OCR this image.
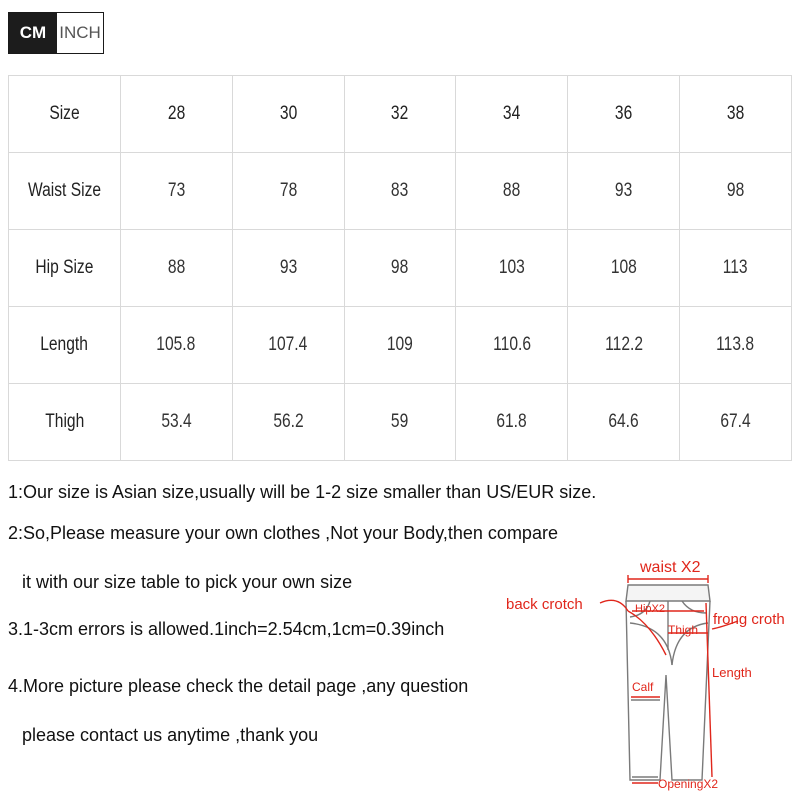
CM INCH
Size	28	30	32	34	36	38
Waist Size	73	78	83	88	93	98
Hip Size	88	93	98	103	108	113
Length	105.8	107.4	109	110.6	112.2	113.8
Thigh	53.4	56.2	59	61.8	64.6	67.4
1:Our size is Asian size,usually will be 1-2 size smaller than US/EUR size.
2:So,Please measure your own clothes ,Not your Body,then compare
it with our size table to pick your own size
3.1-3cm errors is allowed.1inch=2.54cm,1cm=0.39inch
4.More picture please check the detail page ,any question
please contact us anytime ,thank you
waist X2
back crotch	HipX2
Thigh
frong croth
Length
Calf
OpeningX2
